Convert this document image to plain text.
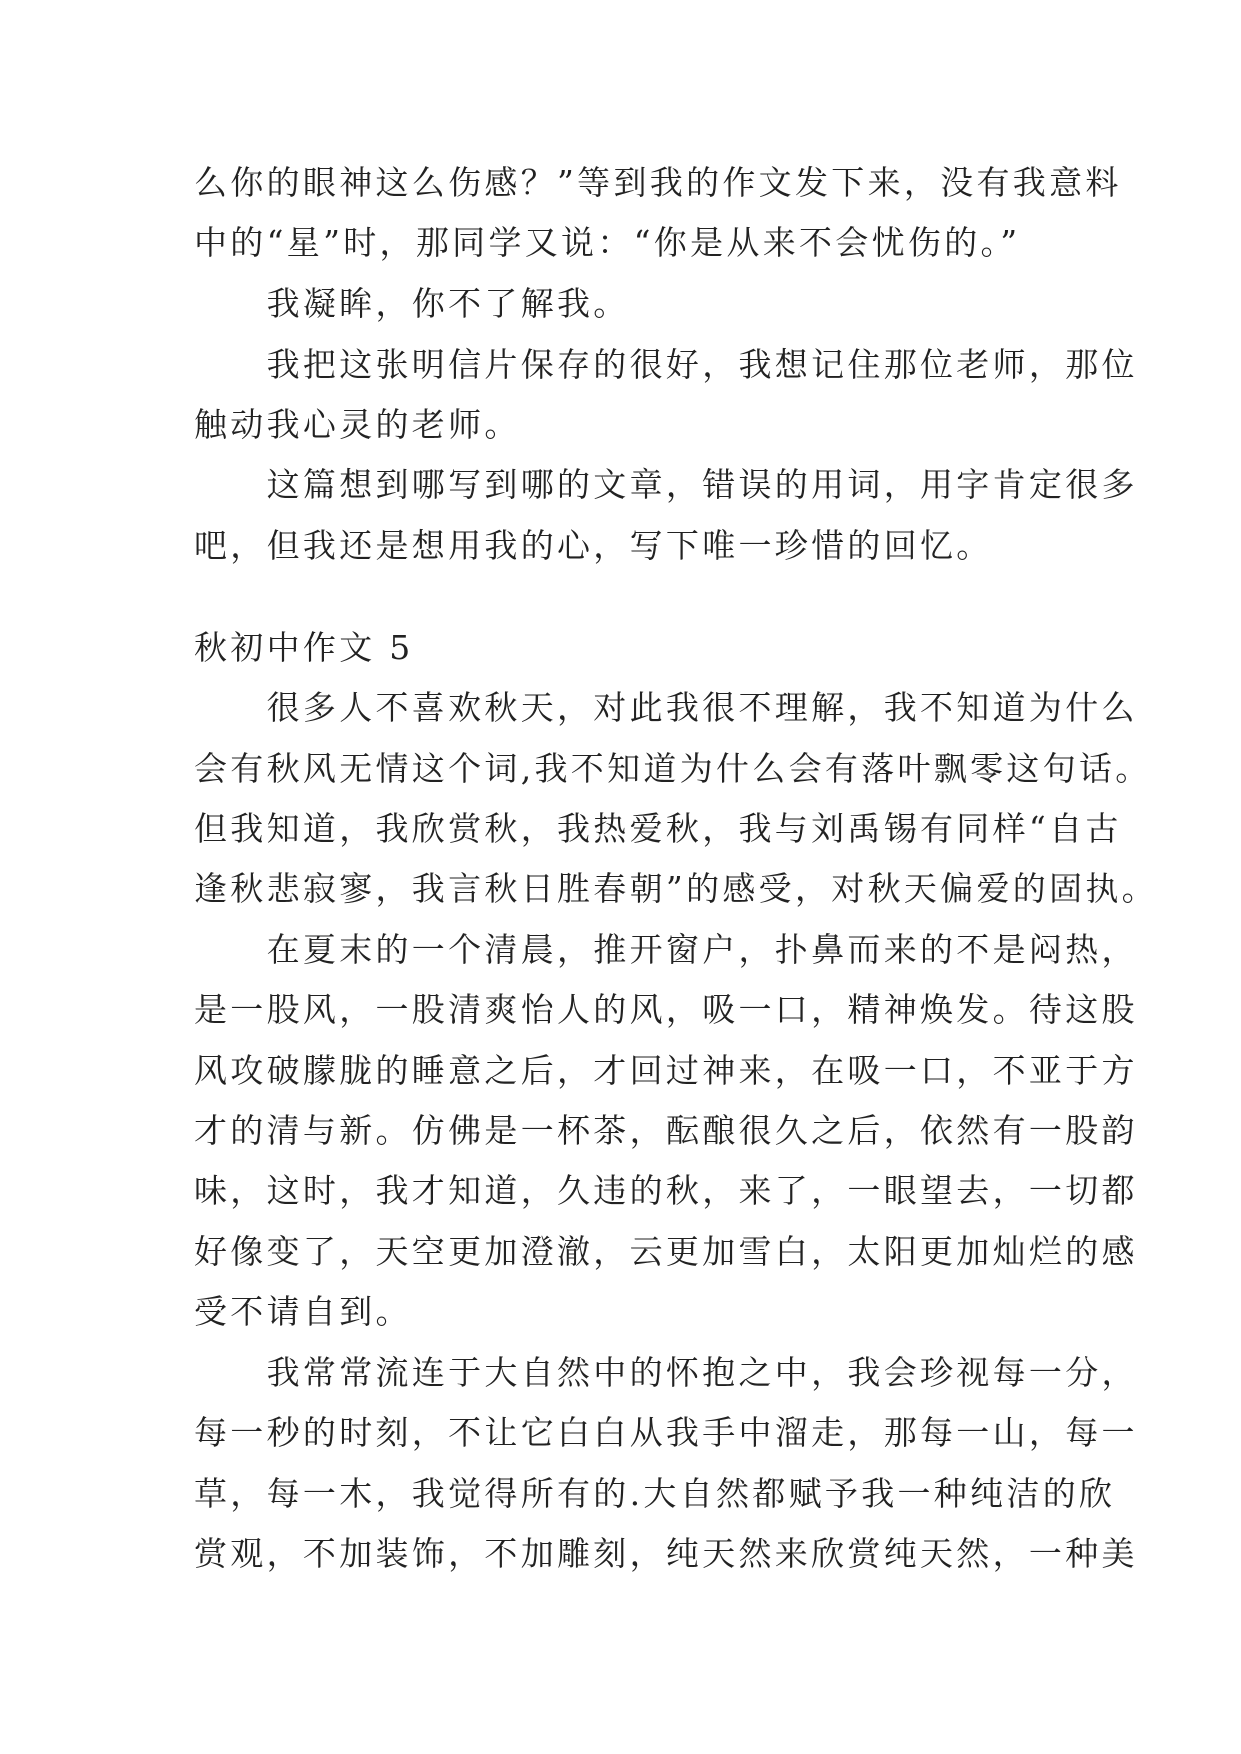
么你的眼神这么伤感？”等到我的作文发下来，没有我意料
中的“星”时，那同学又说：“你是从来不会忧伤的。”
　　我凝眸，你不了解我。
　　我把这张明信片保存的很好，我想记住那位老师，那位
触动我心灵的老师。
　　这篇想到哪写到哪的文章，错误的用词，用字肯定很多
吧，但我还是想用我的心，写下唯一珍惜的回忆。
秋初中作文 5
　　很多人不喜欢秋天，对此我很不理解，我不知道为什么
会有秋风无情这个词,我不知道为什么会有落叶飘零这句话。
但我知道，我欣赏秋，我热爱秋，我与刘禹锡有同样“自古
逢秋悲寂寥，我言秋日胜春朝”的感受，对秋天偏爱的固执。
　　在夏末的一个清晨，推开窗户，扑鼻而来的不是闷热，
是一股风，一股清爽怡人的风，吸一口，精神焕发。待这股
风攻破朦胧的睡意之后，才回过神来，在吸一口，不亚于方
才的清与新。仿佛是一杯茶，酝酿很久之后，依然有一股韵
味，这时，我才知道，久违的秋，来了，一眼望去，一切都
好像变了，天空更加澄澈，云更加雪白，太阳更加灿烂的感
受不请自到。
　　我常常流连于大自然中的怀抱之中，我会珍视每一分，
每一秒的时刻，不让它白白从我手中溜走，那每一山，每一
草，每一木，我觉得所有的.大自然都赋予我一种纯洁的欣
赏观，不加装饰，不加雕刻，纯天然来欣赏纯天然，一种美
